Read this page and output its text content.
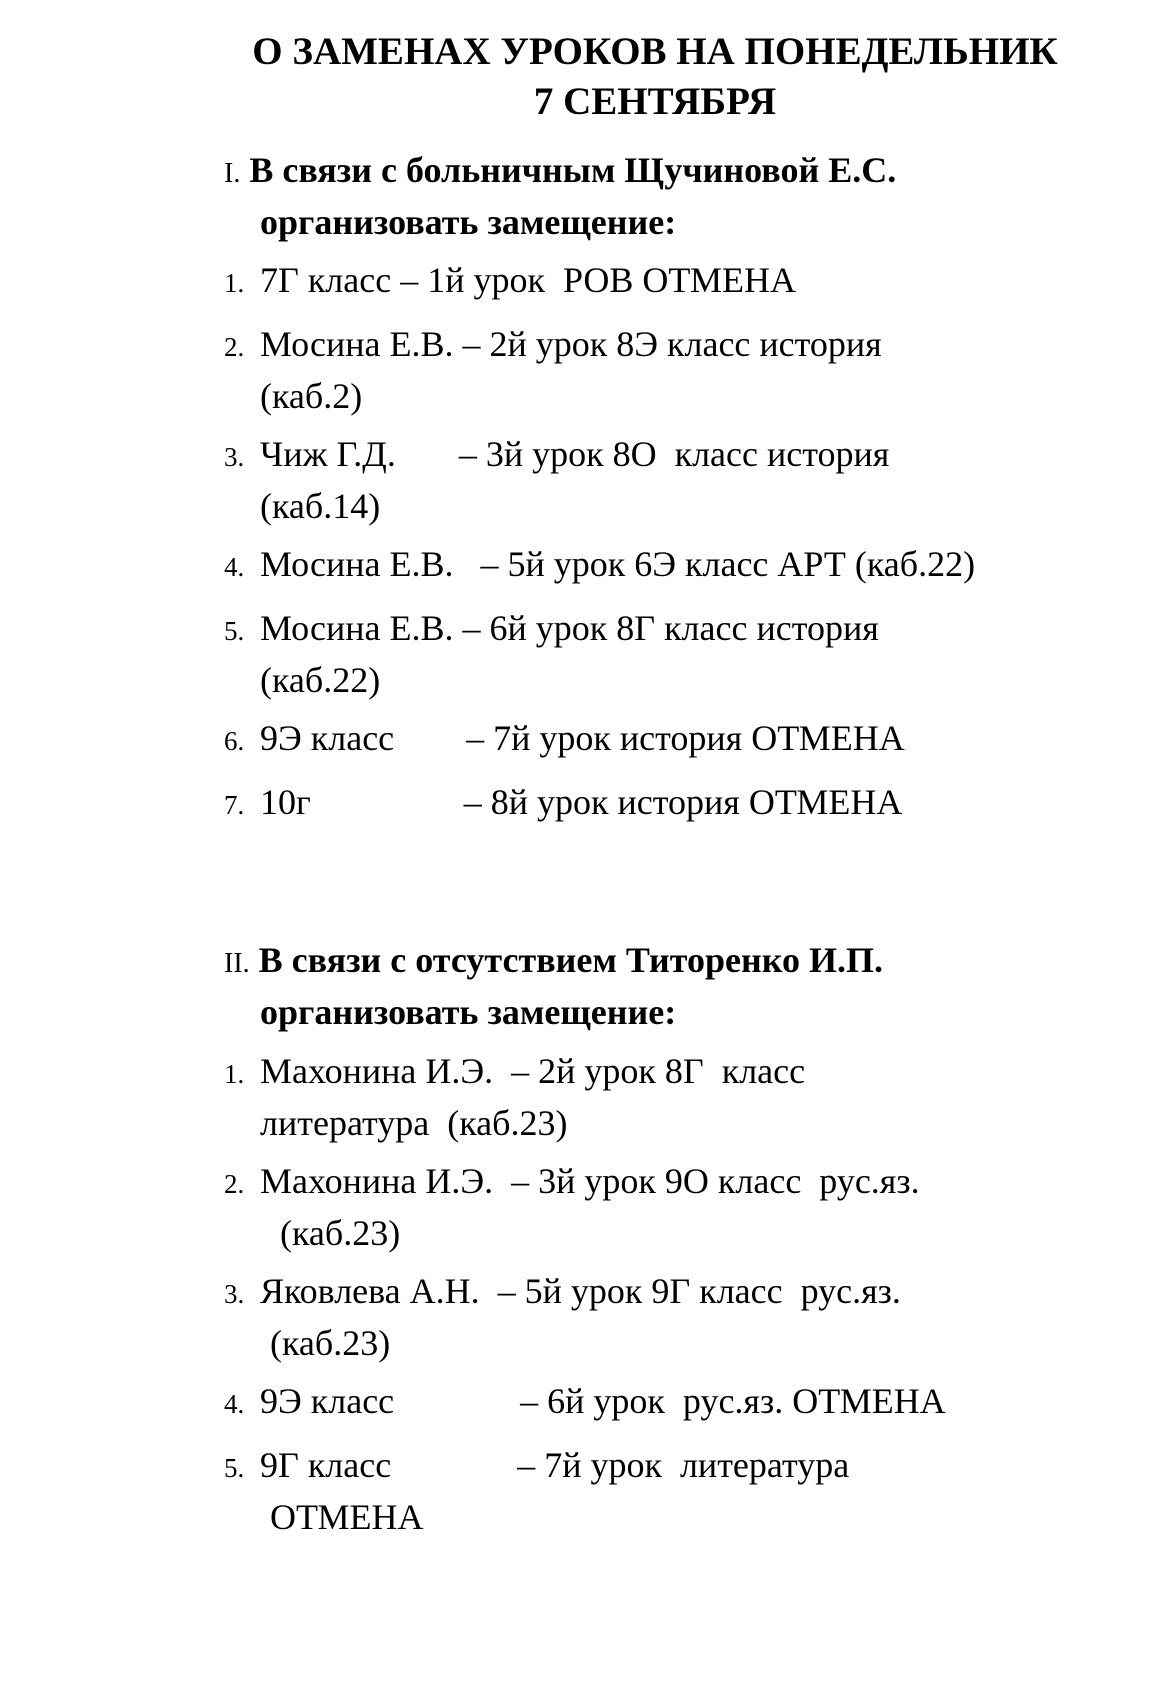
О ЗАМЕНАХ УРОКОВ НА ПОНЕДЕЛЬНИК
7 СЕНТЯБРЯ
I. В связи с больничным Щучиновой Е.С.
организовать замещение:
1. 7Г класс – 1й урок  РОВ ОТМЕНА
2. Мосина Е.В. – 2й урок 8Э класс история
(каб.2)
3. Чиж Г.Д.       – 3й урок 8О  класс история
(каб.14)
4. Мосина Е.В.   – 5й урок 6Э класс АРТ (каб.22)
5. Мосина Е.В. – 6й урок 8Г класс история
(каб.22)
6. 9Э класс        – 7й урок история ОТМЕНА
7. 10г                 – 8й урок история ОТМЕНА
II. В связи с отсутствием Титоренко И.П.
организовать замещение:
1. Махонина И.Э.  – 2й урок 8Г  класс
литература  (каб.23)
2. Махонина И.Э.  – 3й урок 9О класс  рус.яз.
(каб.23)
3. Яковлева А.Н.  – 5й урок 9Г класс  рус.яз.
(каб.23)
4. 9Э класс              – 6й урок  рус.яз. ОТМЕНА
5. 9Г класс              – 7й урок  литература
ОТМЕНА
